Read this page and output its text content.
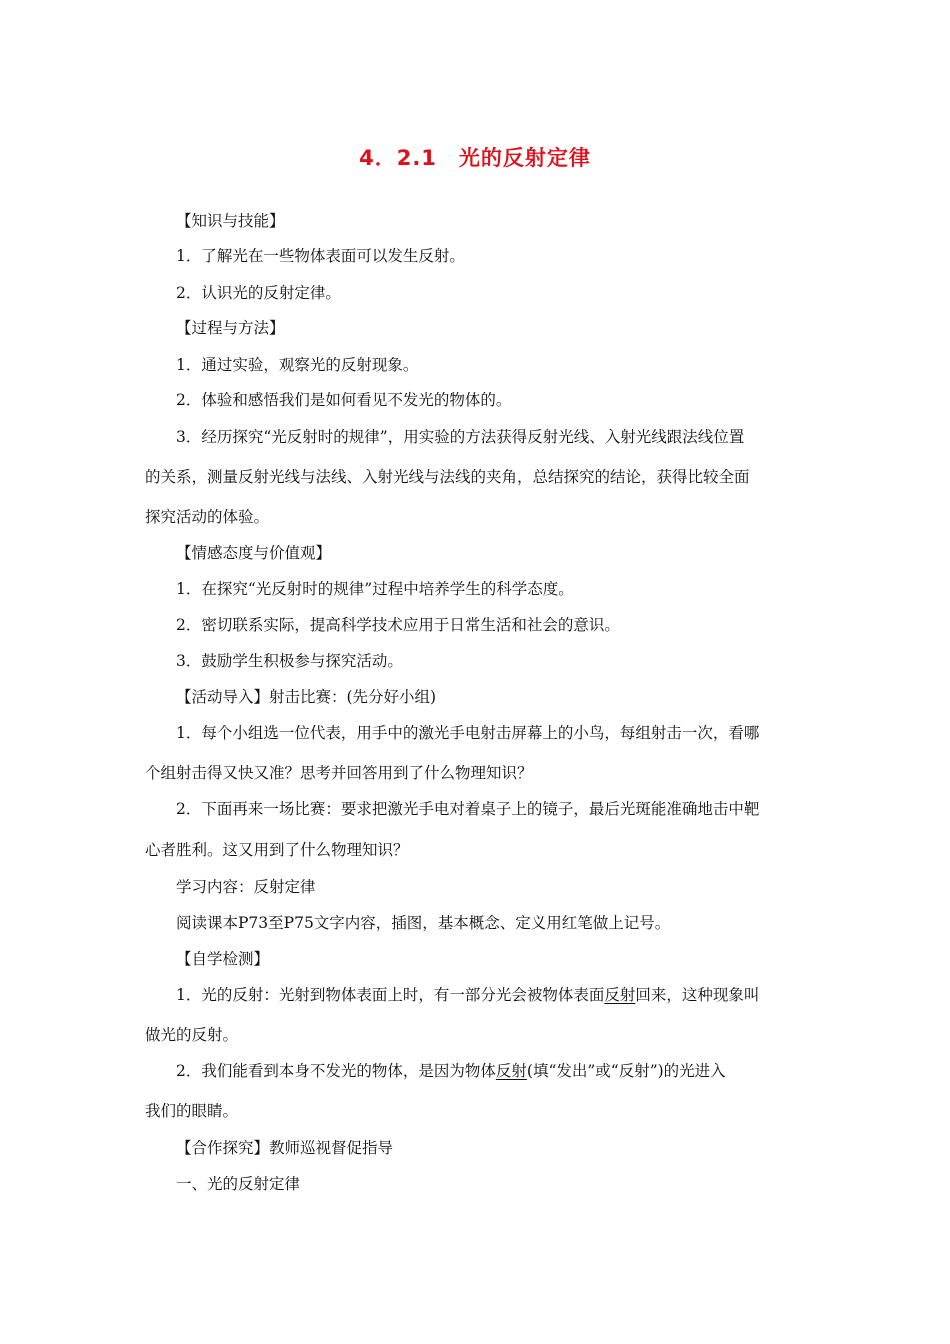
4．2.1　光的反射定律
【知识与技能】
1．了解光在一些物体表面可以发生反射。
2．认识光的反射定律。
【过程与方法】
1．通过实验，观察光的反射现象。
2．体验和感悟我们是如何看见不发光的物体的。
3．经历探究“光反射时的规律”，用实验的方法获得反射光线、入射光线跟法线位置
的关系，测量反射光线与法线、入射光线与法线的夹角，总结探究的结论，获得比较全面
探究活动的体验。
【情感态度与价值观】
1．在探究“光反射时的规律”过程中培养学生的科学态度。
2．密切联系实际，提高科学技术应用于日常生活和社会的意识。
3．鼓励学生积极参与探究活动。
【活动导入】射击比赛：(先分好小组)
1．每个小组选一位代表，用手中的激光手电射击屏幕上的小鸟，每组射击一次，看哪
个组射击得又快又准？思考并回答用到了什么物理知识？
2．下面再来一场比赛：要求把激光手电对着桌子上的镜子，最后光斑能准确地击中靶
心者胜利。这又用到了什么物理知识？
学习内容：反射定律
阅读课本P73至P75文字内容，插图，基本概念、定义用红笔做上记号。
【自学检测】
1．光的反射：光射到物体表面上时，有一部分光会被物体表面反射回来，这种现象叫
做光的反射。
2．我们能看到本身不发光的物体，是因为物体反射(填“发出”或“反射”)的光进入
我们的眼睛。
【合作探究】教师巡视督促指导
一、光的反射定律
